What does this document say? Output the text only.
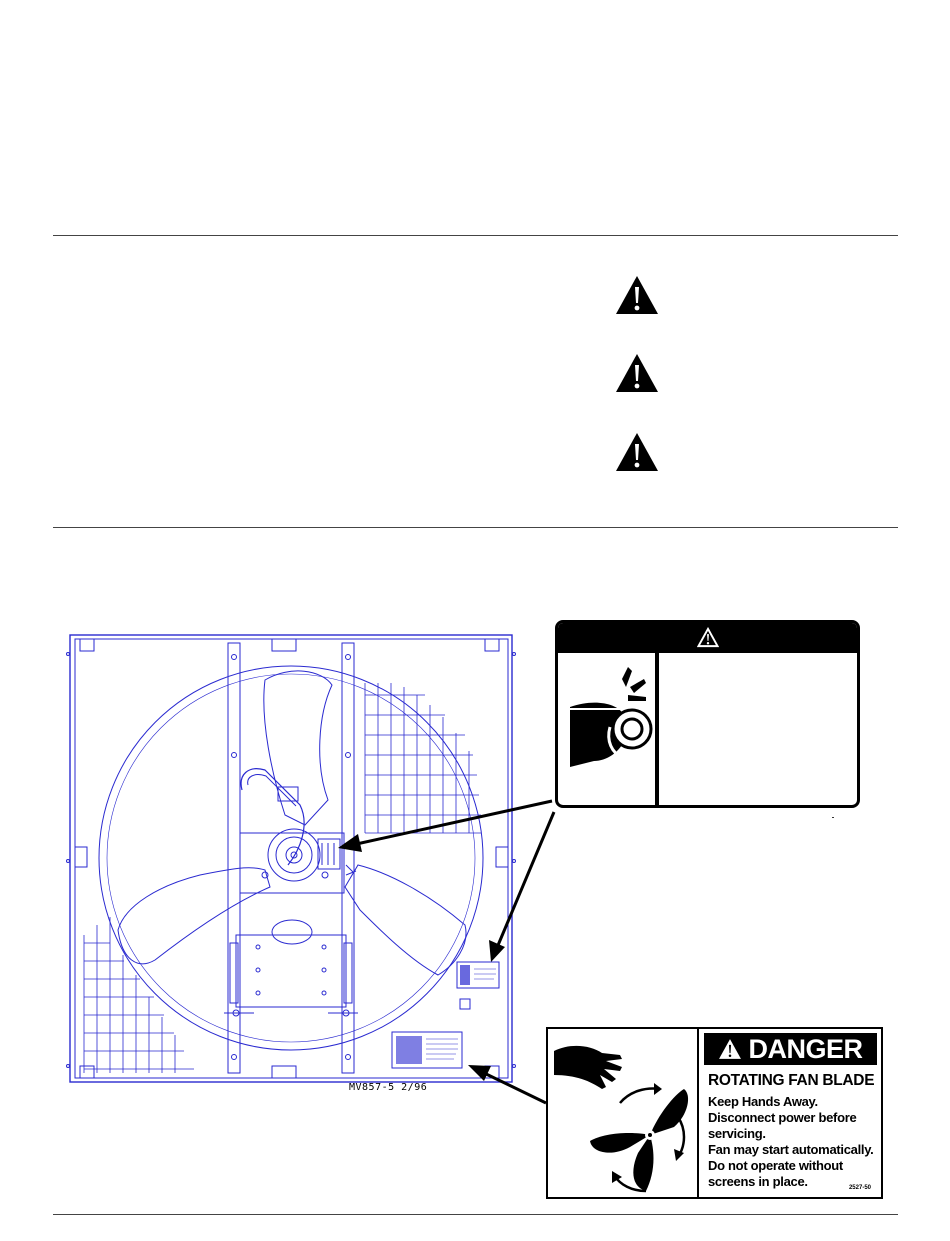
MV857-5 2/96
DANGER
ROTATING FAN BLADE
Keep Hands Away.
Disconnect power before
servicing.
Fan may start automatically.
Do not operate without
screens in place.	2527-50
